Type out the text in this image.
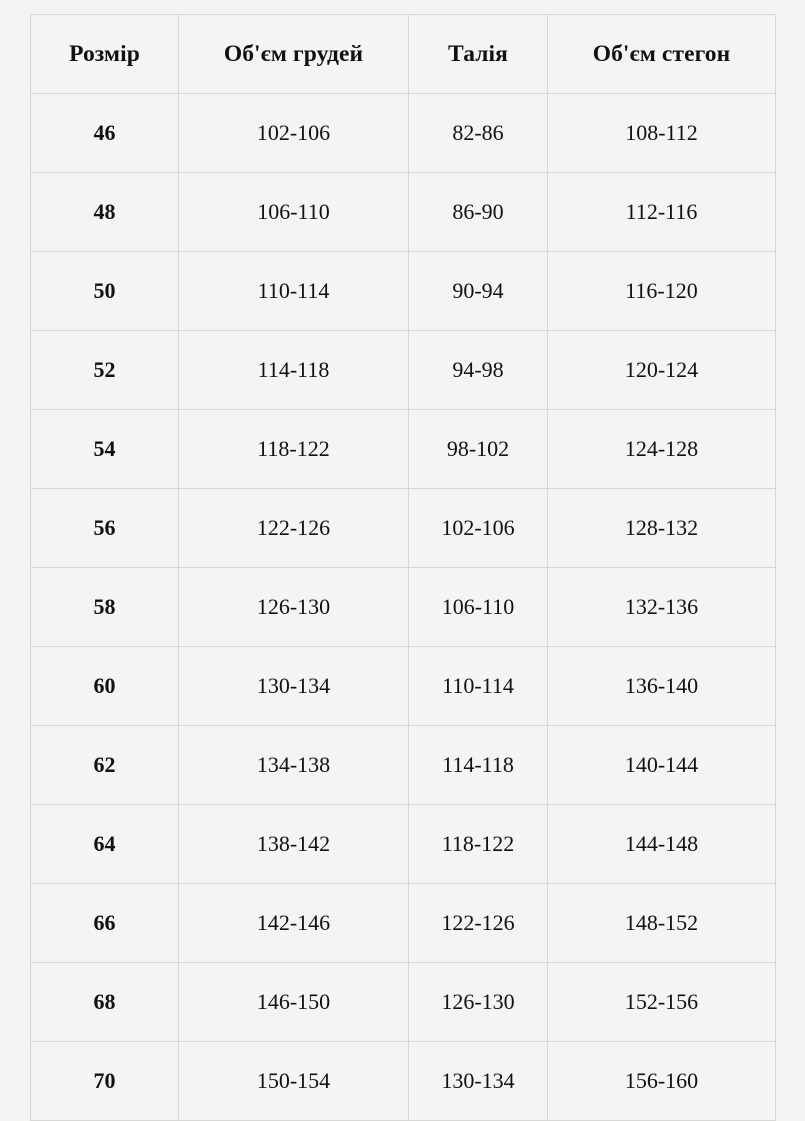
Розмір	Об'єм грудей	Талія	Об'єм стегон
46	102-106	82-86	108-112
48	106-110	86-90	112-116
50	110-114	90-94	116-120
52	114-118	94-98	120-124
54	118-122	98-102	124-128
56	122-126	102-106	128-132
58	126-130	106-110	132-136
60	130-134	110-114	136-140
62	134-138	114-118	140-144
64	138-142	118-122	144-148
66	142-146	122-126	148-152
68	146-150	126-130	152-156
70	150-154	130-134	156-160
